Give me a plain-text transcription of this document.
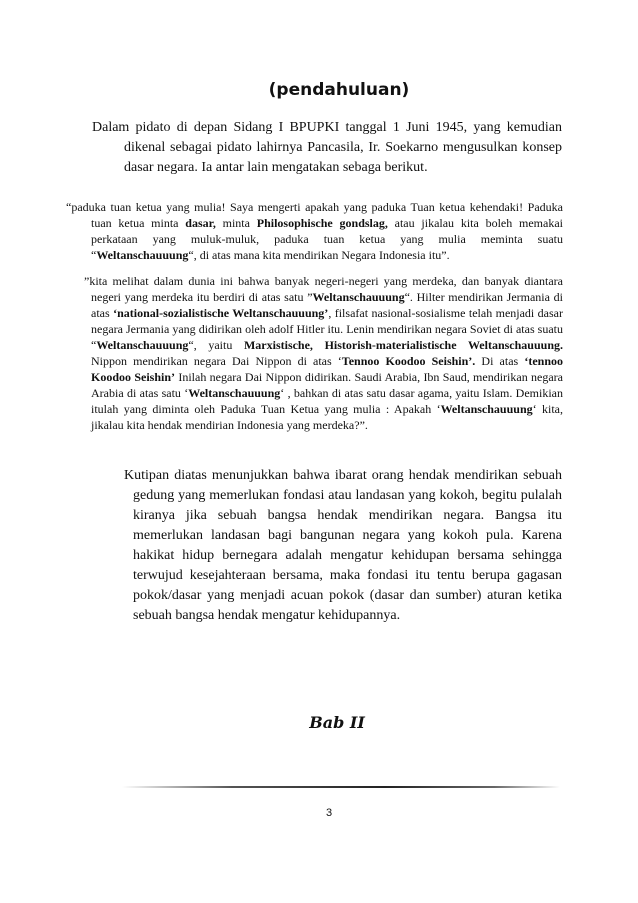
(pendahuluan)
Dalam pidato di depan Sidang I BPUPKI tanggal 1 Juni 1945, yang kemudian dikenal sebagai pidato lahirnya Pancasila, Ir. Soekarno mengusulkan konsep dasar negara. Ia antar lain mengatakan sebaga berikut.
“paduka tuan ketua yang mulia! Saya mengerti apakah yang paduka Tuan ketua kehendaki! Paduka tuan ketua minta dasar, minta Philosophische gondslag, atau jikalau kita boleh memakai perkataan yang muluk-muluk, paduka tuan ketua yang mulia meminta suatu “Weltanschauuung“, di atas mana kita mendirikan Negara Indonesia itu”.
”kita melihat dalam dunia ini bahwa banyak negeri-negeri yang merdeka, dan banyak diantara negeri yang merdeka itu berdiri di atas satu ”Weltanschauuung“. Hilter mendirikan Jermania di atas ‘national-sozialistische Weltanschauuung’, filsafat nasional-sosialisme telah menjadi dasar negara Jermania yang didirikan oleh adolf Hitler itu. Lenin mendirikan negara Soviet di atas suatu “Weltanschauuung“, yaitu Marxistische, Historish-materialistische Weltanschauuung. Nippon mendirikan negara Dai Nippon di atas ‘Tennoo Koodoo Seishin’. Di atas ‘tennoo Koodoo Seishin’ Inilah negara Dai Nippon didirikan. Saudi Arabia, Ibn Saud, mendirikan negara Arabia di atas satu ‘Weltanschauuung‘ , bahkan di atas satu dasar agama, yaitu Islam. Demikian itulah yang diminta oleh Paduka Tuan Ketua yang mulia : Apakah ‘Weltanschauuung‘ kita, jikalau kita hendak mendirian Indonesia yang merdeka?”.
Kutipan diatas menunjukkan bahwa ibarat orang hendak mendirikan sebuah gedung yang memerlukan fondasi atau landasan yang kokoh, begitu pulalah kiranya jika sebuah bangsa hendak mendirikan negara. Bangsa itu memerlukan landasan bagi bangunan negara yang kokoh pula. Karena hakikat hidup bernegara adalah mengatur kehidupan bersama sehingga terwujud kesejahteraan bersama, maka fondasi itu tentu berupa gagasan pokok/dasar yang menjadi acuan pokok (dasar dan sumber) aturan ketika sebuah bangsa hendak mengatur kehidupannya.
Bab II
3
